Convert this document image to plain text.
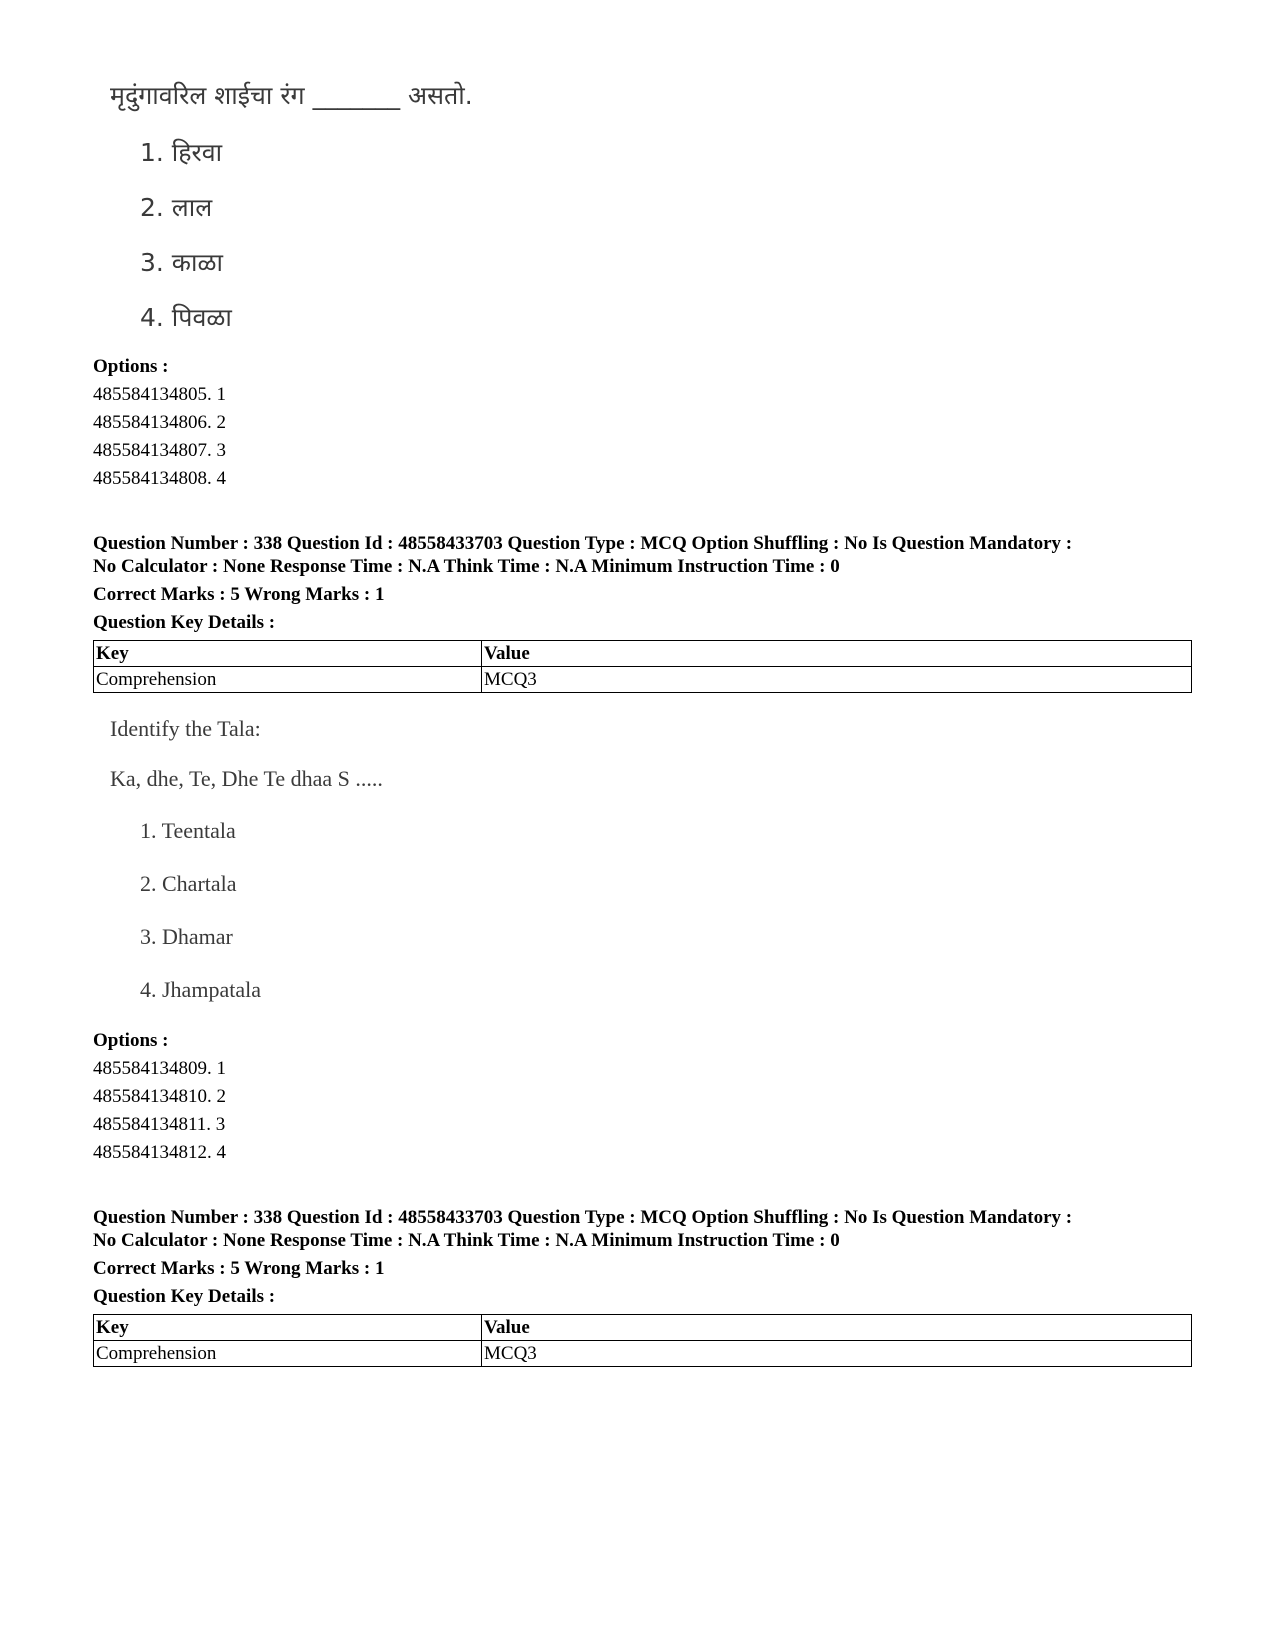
मृदुंगावरिल शाईचा रंग _______ असतो.
1. हिरवा
2. लाल
3. काळा
4. पिवळा
Options :
485584134805. 1
485584134806. 2
485584134807. 3
485584134808. 4
Question Number : 338 Question Id : 48558433703 Question Type : MCQ Option Shuffling : No Is Question Mandatory :
No Calculator : None Response Time : N.A Think Time : N.A Minimum Instruction Time : 0
Correct Marks : 5 Wrong Marks : 1
Question Key Details :
Key	Value
Comprehension	MCQ3
Identify the Tala:
Ka, dhe, Te, Dhe Te dhaa S .....
1. Teentala
2. Chartala
3. Dhamar
4. Jhampatala
Options :
485584134809. 1
485584134810. 2
485584134811. 3
485584134812. 4
Question Number : 338 Question Id : 48558433703 Question Type : MCQ Option Shuffling : No Is Question Mandatory :
No Calculator : None Response Time : N.A Think Time : N.A Minimum Instruction Time : 0
Correct Marks : 5 Wrong Marks : 1
Question Key Details :
Key	Value
Comprehension	MCQ3
